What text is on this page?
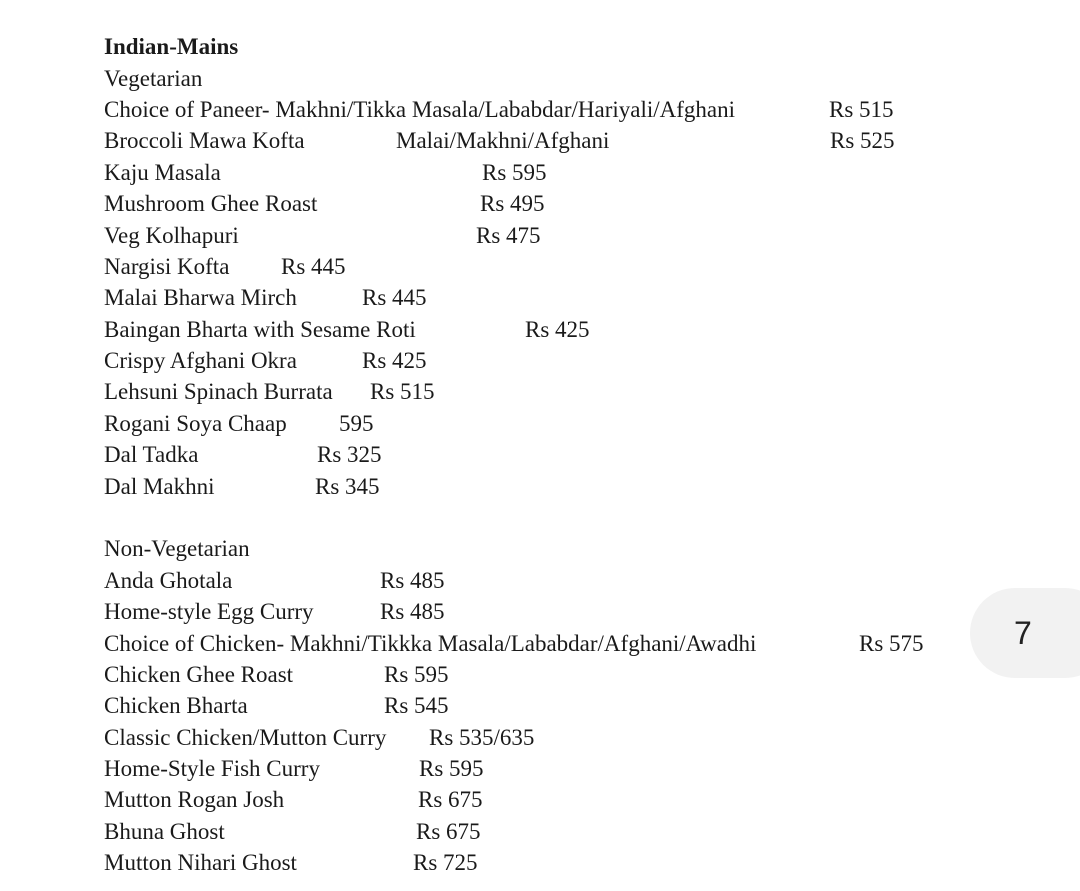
Indian-Mains
Vegetarian
Choice of Paneer- Makhni/Tikka Masala/Lababdar/Hariyali/Afghani	Rs 515
Broccoli Mawa Kofta	Malai/Makhni/Afghani	Rs 525
Kaju Masala	Rs 595
Mushroom Ghee Roast	Rs 495
Veg Kolhapuri	Rs 475
Nargisi Kofta Rs 445
Malai Bharwa Mirch	Rs 445
Baingan Bharta with Sesame Roti	Rs 425
Crispy Afghani Okra	Rs 425
Lehsuni Spinach Burrata Rs 515
Rogani Soya Chaap 595
Dal Tadka	Rs 325
Dal Makhni	Rs 345
Non-Vegetarian
Anda Ghotala	Rs 485
Home-style Egg Curry	Rs 485
Choice of Chicken- Makhni/Tikkka Masala/Lababdar/Afghani/Awadhi	Rs 575
Chicken Ghee Roast	Rs 595
Chicken Bharta	Rs 545
Classic Chicken/Mutton Curry Rs 535/635
Home-Style Fish Curry	Rs 595
Mutton Rogan Josh	Rs 675
Bhuna Ghost	Rs 675
Mutton Nihari Ghost	Rs 725
7
